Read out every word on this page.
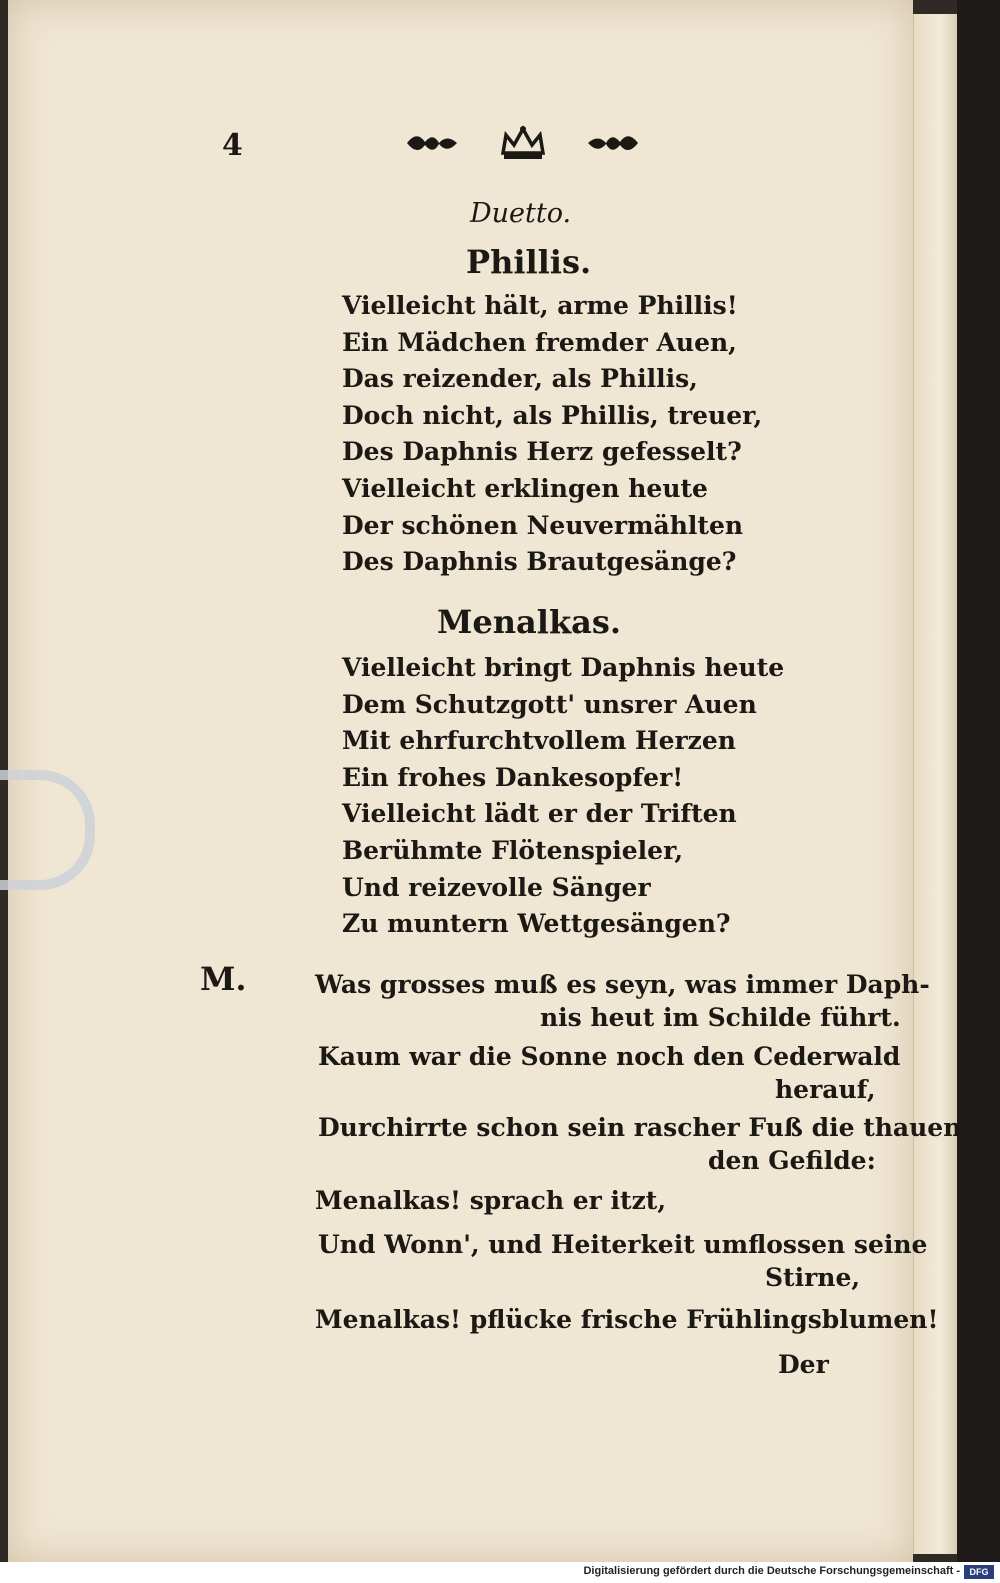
4
Duetto.
Phillis.
Vielleicht hält, arme Phillis!
Ein Mädchen fremder Auen,
Das reizender, als Phillis,
Doch nicht, als Phillis, treuer,
Des Daphnis Herz gefesselt?
Vielleicht erklingen heute
Der schönen Neuvermählten
Des Daphnis Brautgesänge?
Menalkas.
Vielleicht bringt Daphnis heute
Dem Schutzgott' unsrer Auen
Mit ehrfurchtvollem Herzen
Ein frohes Dankesopfer!
Vielleicht lädt er der Triften
Berühmte Flötenspieler,
Und reizevolle Sänger
Zu muntern Wettgesängen?
M.	Was grosses muß es seyn, was immer Daph-
nis heut im Schilde führt.
Kaum war die Sonne noch den Cederwald
herauf,
Durchirrte schon sein rascher Fuß die thauen-
den Gefilde:
Menalkas! sprach er itzt,
Und Wonn', und Heiterkeit umflossen seine
Stirne,
Menalkas! pflücke frische Frühlingsblumen!
Der
Digitalisierung gefördert durch die Deutsche Forschungsgemeinschaft -	DFG
